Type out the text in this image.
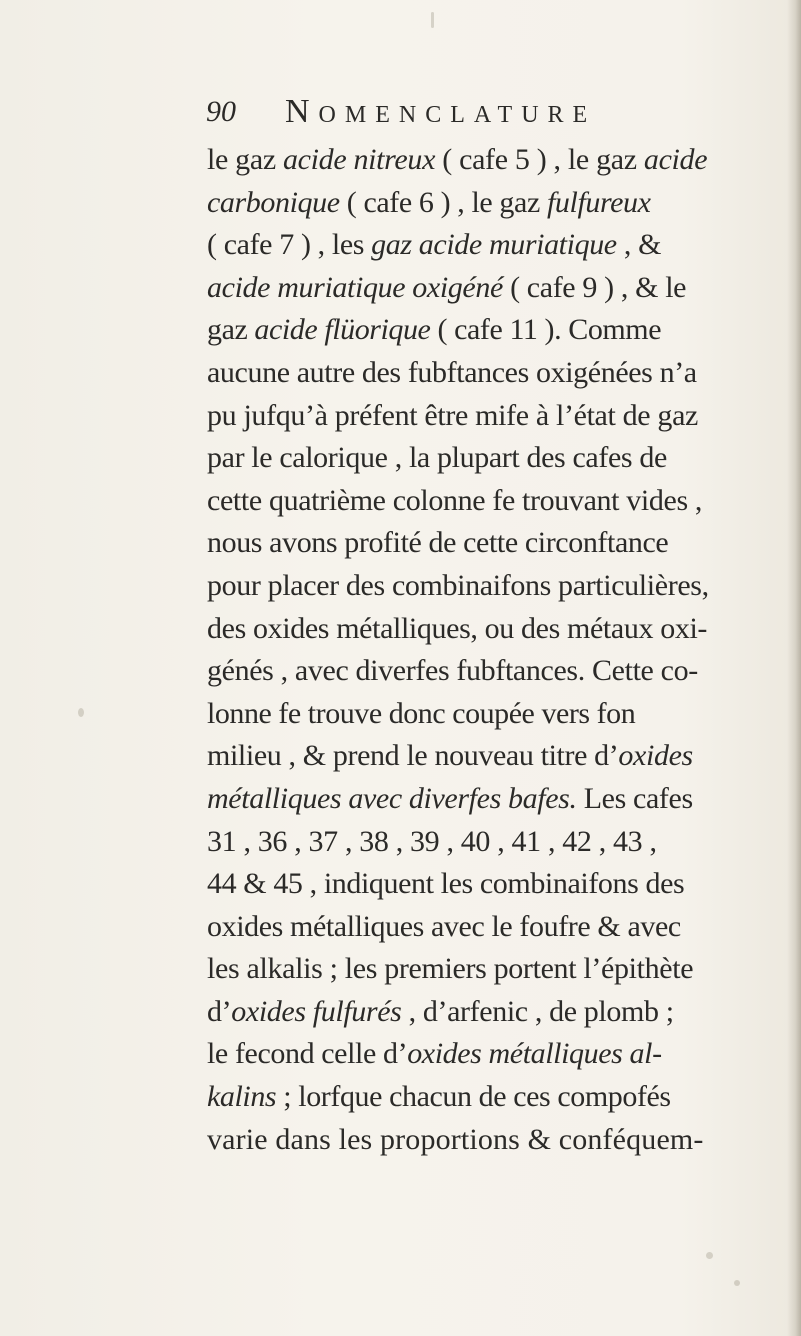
90 Nomenclature
le gaz acide nitreux ( cafe 5 ) , le gaz acide
carbonique ( cafe 6 ) , le gaz fulfureux
( cafe 7 ) , les gaz acide muriatique , &
acide muriatique oxigéné ( cafe 9 ) , & le
gaz acide flüorique ( cafe 11 ). Comme
aucune autre des fubftances oxigénées n’a
pu jufqu’à préfent être mife à l’état de gaz
par le calorique , la plupart des cafes de
cette quatrième colonne fe trouvant vides ,
nous avons profité de cette circonftance
pour placer des combinaifons particulières,
des oxides métalliques, ou des métaux oxi-
génés , avec diverfes fubftances. Cette co-
lonne fe trouve donc coupée vers fon
milieu , & prend le nouveau titre d’oxides
métalliques avec diverfes bafes. Les cafes
31 , 36 , 37 , 38 , 39 , 40 , 41 , 42 , 43 ,
44 & 45 , indiquent les combinaifons des
oxides métalliques avec le foufre & avec
les alkalis ; les premiers portent l’épithète
d’oxides fulfurés , d’arfenic , de plomb ;
le fecond celle d’oxides métalliques al-
kalins ; lorfque chacun de ces compofés
varie dans les proportions & conféquem-
